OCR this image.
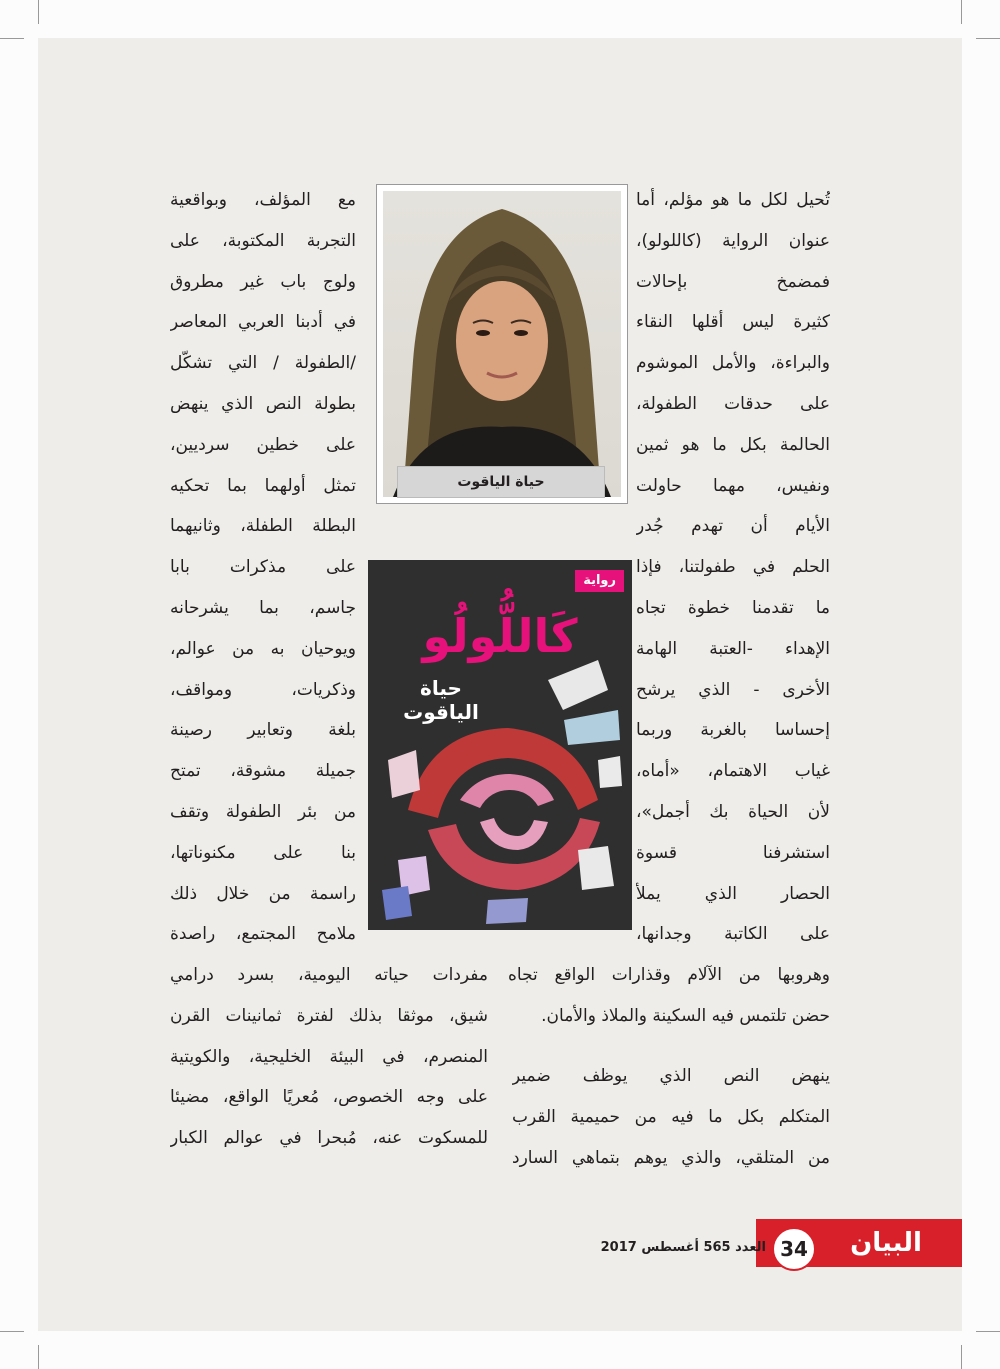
تُحيل لكل ما هو مؤلم، أما
عنوان الرواية (كاللولو)،
فمضمخ بإحالات
كثيرة ليس أقلها النقاء
والبراءة، والأمل الموشوم
على حدقات الطفولة،
الحالمة بكل ما هو ثمين
ونفيس، مهما حاولت
الأيام أن تهدم جُدر
الحلم في طفولتنا، فإذا
ما تقدمنا خطوة تجاه
الإهداء -العتبة الهامة
الأخرى - الذي يرشح
إحساسا بالغربة وربما
غياب الاهتمام، «أماه،
لأن الحياة بك أجمل»،
استشرفنا قسوة
الحصار الذي يملأ
على الكاتبة وجدانها،
مع المؤلف، وبواقعية
التجربة المكتوبة، على
ولوج باب غير مطروق
في أدبنا العربي المعاصر
/الطفولة / التي تشكّل
بطولة النص الذي ينهض
على خطين سرديين،
تمثل أولهما بما تحكيه
البطلة الطفلة، وثانيهما
على مذكرات بابا
جاسم، بما يشرحانه
ويوحيان به من عوالم،
وذكريات، ومواقف،
بلغة وتعابير رصينة
جميلة مشوقة، تمتح
من بئر الطفولة وتقف
بنا على مكنوناتها،
راسمة من خلال ذلك
ملامح المجتمع، راصدة
وهروبها من الآلام وقذارات الواقع تجاه
حضن تلتمس فيه السكينة والملاذ والأمان.
ينهض النص الذي يوظف ضمير
المتكلم بكل ما فيه من حميمية القرب
من المتلقي، والذي يوهم بتماهي السارد
مفردات حياته اليومية، بسرد درامي
شيق، موثقا بذلك لفترة ثمانينات القرن
المنصرم، في البيئة الخليجية، والكويتية
على وجه الخصوص، مُعريًا الواقع، مضيئا
للمسكوت عنه، مُبحرا في عوالم الكبار
حياة الياقوت
رواية
كَاللُّولُو
حياة
الياقوت
البيان
34
العدد 565 أغسطس 2017
